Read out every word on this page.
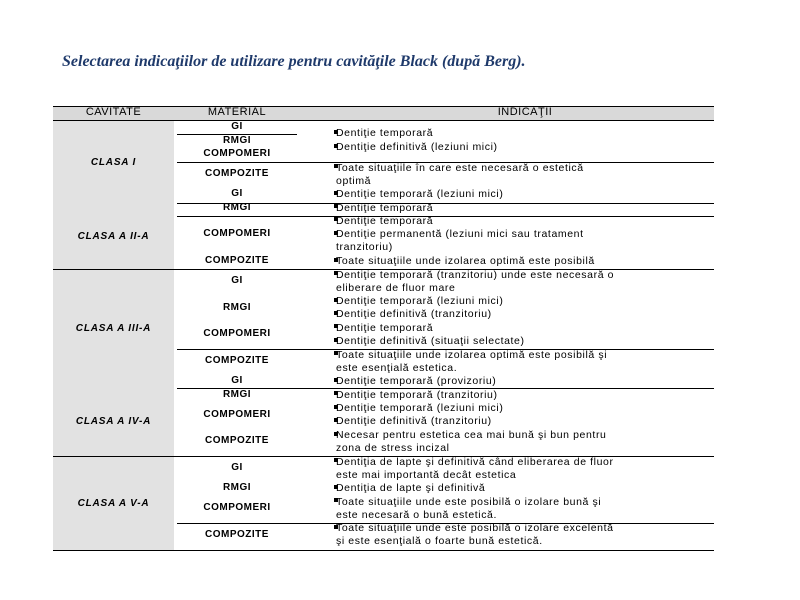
Selectarea indicaţiilor de utilizare pentru cavităţile Black (după Berg).
CAVITATE	MATERIAL	INDICAŢII
CLASA I
CLASA A II-A
CLASA A III-A
CLASA A IV-A
CLASA A V-A
GI
RMGI
COMPOMERI
COMPOZITE
GI
RMGI
COMPOMERI
COMPOZITE
GI
RMGI
COMPOMERI
COMPOZITE
GI
RMGI
COMPOMERI
COMPOZITE
GI
RMGI
COMPOMERI
COMPOZITE
Dentiţie temporară
Dentiţie definitivă (leziuni mici)
Toate situaţiile în care este necesară o estetică
optimă
Dentiţie temporară (leziuni mici)
Dentiţie temporară
Dentiţie temporară
Dentiţie permanentă (leziuni mici sau tratament
tranzitoriu)
Toate situaţiile unde izolarea optimă este posibilă
Dentiţie temporară (tranzitoriu) unde este necesară o
eliberare de fluor mare
Dentiţie temporară (leziuni mici)
Dentiţie definitivă (tranzitoriu)
Dentiţie temporară
Dentiţie definitivă (situaţii selectate)
Toate situaţiile unde izolarea optimă este posibilă şi
este esenţială estetica.
Dentiţie temporară (provizoriu)
Dentiţie temporară (tranzitoriu)
Dentiţie temporară (leziuni mici)
Dentiţie definitivă (tranzitoriu)
Necesar pentru estetica cea mai bună şi bun pentru
zona de stress incizal
Dentiţia de lapte şi definitivă când eliberarea de fluor
este mai importantă decât estetica
Dentiţia de lapte şi definitivă
Toate situaţiile unde este posibilă o izolare bună şi
este necesară o bună estetică.
Toate situaţiile unde este posibilă o izolare excelentă
şi este esenţială o foarte bună estetică.
